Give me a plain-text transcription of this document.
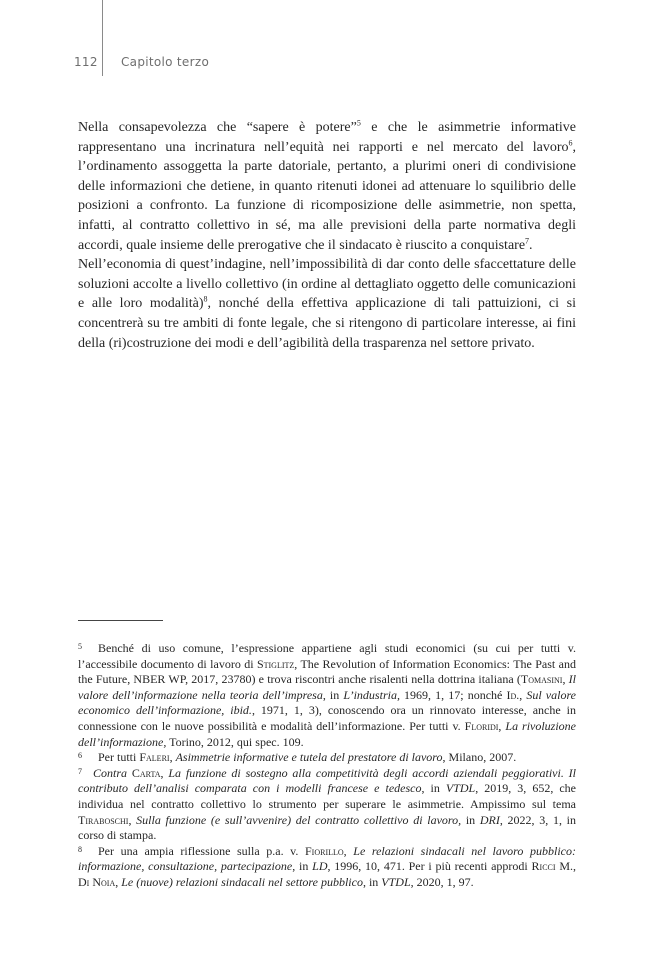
112 Capitolo terzo

Nella consapevolezza che “sapere è potere”$^5$ e che le asimmetrie informative rappresentano una incrinatura nell’equità nei rapporti e nel mercato del lavoro$^6$, l’ordinamento assoggetta la parte datoriale, pertanto, a plurimi oneri di condivisione delle informazioni che detiene, in quanto ritenuti idonei ad attenuare lo squilibrio delle posizioni a confronto. La funzione di ricomposizione delle asimmetrie, non spetta, infatti, al contratto collettivo in sé, ma alle previsioni della parte normativa degli accordi, quale insieme delle prerogative che il sindacato è riuscito a conquistare$^7$.

Nell’economia di quest’indagine, nell’impossibilità di dar conto delle sfaccettature delle soluzioni accolte a livello collettivo (in ordine al dettagliato oggetto delle comunicazioni e alle loro modalità)$^8$, nonché della effettiva applicazione di tali pattuizioni, ci si concentrerà su tre ambiti di fonte legale, che si ritengono di particolare interesse, ai fini della (ri)costruzione dei modi e dell’agibilità della trasparenza nel settore privato.

5 Benché di uso comune, l’espressione appartiene agli studi economici (su cui per tutti v. l’accessibile documento di lavoro di Stiglitz, The Revolution of Information Economics: The Past and the Future, NBER WP, 2017, 23780) e trova riscontri anche risalenti nella dottrina italiana (Tomasini, Il valore dell’informazione nella teoria dell’impresa, in L’industria, 1969, 1, 17; nonché Id., Sul valore economico dell’informazione, ibid., 1971, 1, 3), conoscendo ora un rinnovato interesse, anche in connessione con le nuove possibilità e modalità dell’informazione. Per tutti v. Floridi, La rivoluzione dell’informazione, Torino, 2012, qui spec. 109.

6 Per tutti Faleri, Asimmetrie informative e tutela del prestatore di lavoro, Milano, 2007.

7 Contra Carta, La funzione di sostegno alla competitività degli accordi aziendali peggiorativi. Il contributo dell’analisi comparata con i modelli francese e tedesco, in VTDL, 2019, 3, 652, che individua nel contratto collettivo lo strumento per superare le asimmetrie. Ampissimo sul tema Tiraboschi, Sulla funzione (e sull’avvenire) del contratto collettivo di lavoro, in DRI, 2022, 3, 1, in corso di stampa.

8 Per una ampia riflessione sulla p.a. v. Fiorillo, Le relazioni sindacali nel lavoro pubblico: informazione, consultazione, partecipazione, in LD, 1996, 10, 471. Per i più recenti approdi Ricci M., Di Noia, Le (nuove) relazioni sindacali nel settore pubblico, in VTDL, 2020, 1, 97.
